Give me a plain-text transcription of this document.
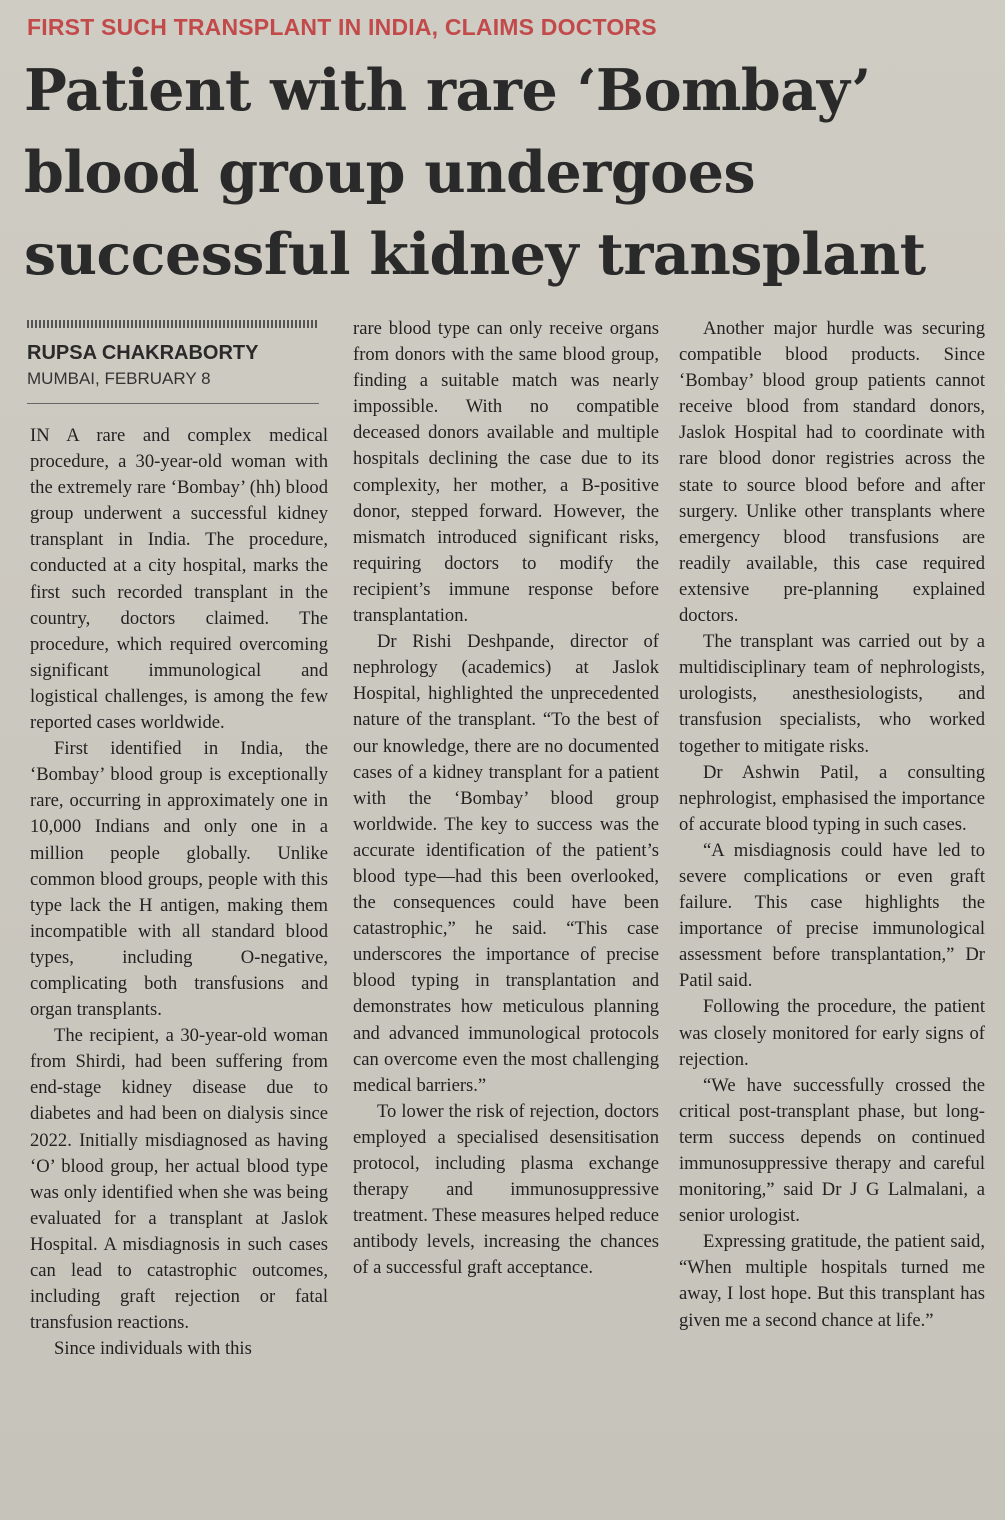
FIRST SUCH TRANSPLANT IN INDIA, CLAIMS DOCTORS
Patient with rare ‘Bombay’
blood group undergoes
successful kidney transplant

RUPSA CHAKRABORTY

MUMBAI, FEBRUARY 8

IN A rare and complex medical procedure, a 30-year-old woman with the extremely rare ‘Bombay’ (hh) blood group underwent a successful kidney transplant in India. The procedure, conducted at a city hospital, marks the first such recorded transplant in the country, doctors claimed. The procedure, which required overcoming significant immunological and logistical challenges, is among the few reported cases worldwide.

First identified in India, the ‘Bombay’ blood group is exceptionally rare, occurring in approximately one in 10,000 Indians and only one in a million people globally. Unlike common blood groups, people with this type lack the H antigen, making them incompatible with all standard blood types, including O-negative, complicating both transfusions and organ transplants.

The recipient, a 30-year-old woman from Shirdi, had been suffering from end-stage kidney disease due to diabetes and had been on dialysis since 2022. Initially misdiagnosed as having ‘O’ blood group, her actual blood type was only identified when she was being evaluated for a transplant at Jaslok Hospital. A misdiagnosis in such cases can lead to catastrophic outcomes, including graft rejection or fatal transfusion reactions.

Since individuals with this

rare blood type can only receive organs from donors with the same blood group, finding a suitable match was nearly impossible. With no compatible deceased donors available and multiple hospitals declining the case due to its complexity, her mother, a B-positive donor, stepped forward. However, the mismatch introduced significant risks, requiring doctors to modify the recipient’s immune response before transplantation.

Dr Rishi Deshpande, director of nephrology (academics) at Jaslok Hospital, highlighted the unprecedented nature of the transplant. “To the best of our knowledge, there are no documented cases of a kidney transplant for a patient with the ‘Bombay’ blood group worldwide. The key to success was the accurate identification of the patient’s blood type—had this been overlooked, the consequences could have been catastrophic,” he said. “This case underscores the importance of precise blood typing in transplantation and demonstrates how meticulous planning and advanced immunological protocols can overcome even the most challenging medical barriers.”

To lower the risk of rejection, doctors employed a specialised desensitisation protocol, including plasma exchange therapy and immunosuppressive treatment. These measures helped reduce antibody levels, increasing the chances of a successful graft acceptance.

Another major hurdle was securing compatible blood products. Since ‘Bombay’ blood group patients cannot receive blood from standard donors, Jaslok Hospital had to coordinate with rare blood donor registries across the state to source blood before and after surgery. Unlike other transplants where emergency blood transfusions are readily available, this case required extensive pre-planning explained doctors.

The transplant was carried out by a multidisciplinary team of nephrologists, urologists, anesthesiologists, and transfusion specialists, who worked together to mitigate risks.

Dr Ashwin Patil, a consulting nephrologist, emphasised the importance of accurate blood typing in such cases.

“A misdiagnosis could have led to severe complications or even graft failure. This case highlights the importance of precise immunological assessment before transplantation,” Dr Patil said.

Following the procedure, the patient was closely monitored for early signs of rejection.

“We have successfully crossed the critical post-transplant phase, but long-term success depends on continued immunosuppressive therapy and careful monitoring,” said Dr J G Lalmalani, a senior urologist.

Expressing gratitude, the patient said, “When multiple hospitals turned me away, I lost hope. But this transplant has given me a second chance at life.”
